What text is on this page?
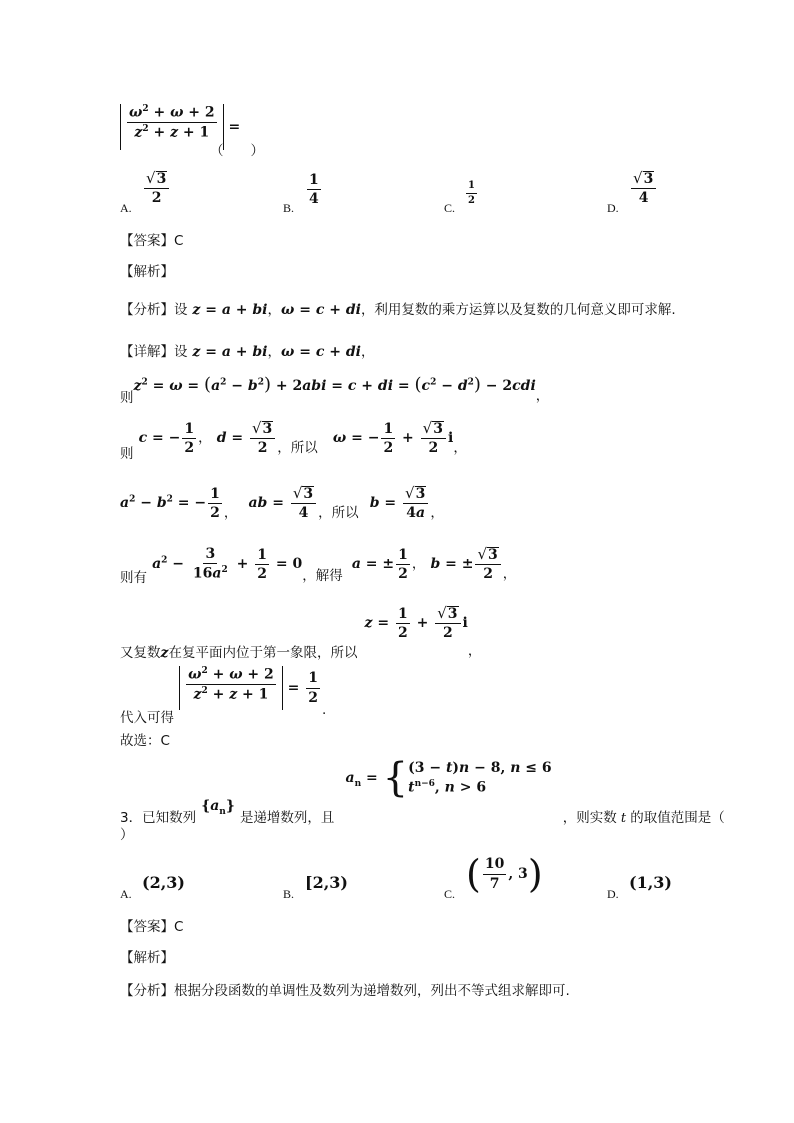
$\frac{\omega^2 + \omega + 2}{z^2 + z + 1}$ =
（　　）
A.
$\frac{√ 3}{2}$
B.
$\frac{1}{4}$
C.
$\frac{1}{2}$
D.
$\frac{√ 3}{4}$
【答案】C
【解析】
【分析】设 z = a + bi，ω = c + di，利用复数的乘方运算以及复数的几何意义即可求解.
【详解】设 z = a + bi，ω = c + di，
$_则z^2 = \omega = (a^2 - b^2) + 2abi = c$ + di = $(c^2 - d^2) - 2cdi_,$
$_则$ c = − $\frac{1}{2}$ ， $d = \frac{√ 3}{2} _{,所以}$ ω = − $\frac{1}{2} + \frac{√ 3}{2} i_,$
$a^2 - b^2$ = − $\frac{1}{2} _,$ ab = $\frac{√ 3}{4} _{,所以}$ $b = \frac{√ 3}{4a} _,$
$_{则有}$ $a^2 - \frac{3}{16a^2} + \frac{1}{2} = 0_{,解得}$ a = ± $\frac{1}{2}$ ， b = ± $\frac{√ 3}{2} _,$
$_{又复数}z_{在复平面内位于第一象限,所以}$ $z = \frac{1}{2} + \frac{√ 3}{2} i_,$
$_{代入可得}$
$\frac{\omega^2 + \omega + 2}{z^2 + z + 1} = \frac{1}{2}$
$_.$
故选：C
$_{3.已知数列}$ $\{a_n\}$ $_{是递增数列,且}$ $a_n$ = { (3 − t)n − 8, n ≤ 6
$t^{n-6}$, n > 6
$_{,则实数}$ $_t$ $_{的取值范围是(}$
）
A.
(2,3)
B.
[2,3)
C. ( $\frac{10}{7}$ , 3)	D.
(1,3)
【答案】C
【解析】
【分析】根据分段函数的单调性及数列为递增数列，列出不等式组求解即可.
